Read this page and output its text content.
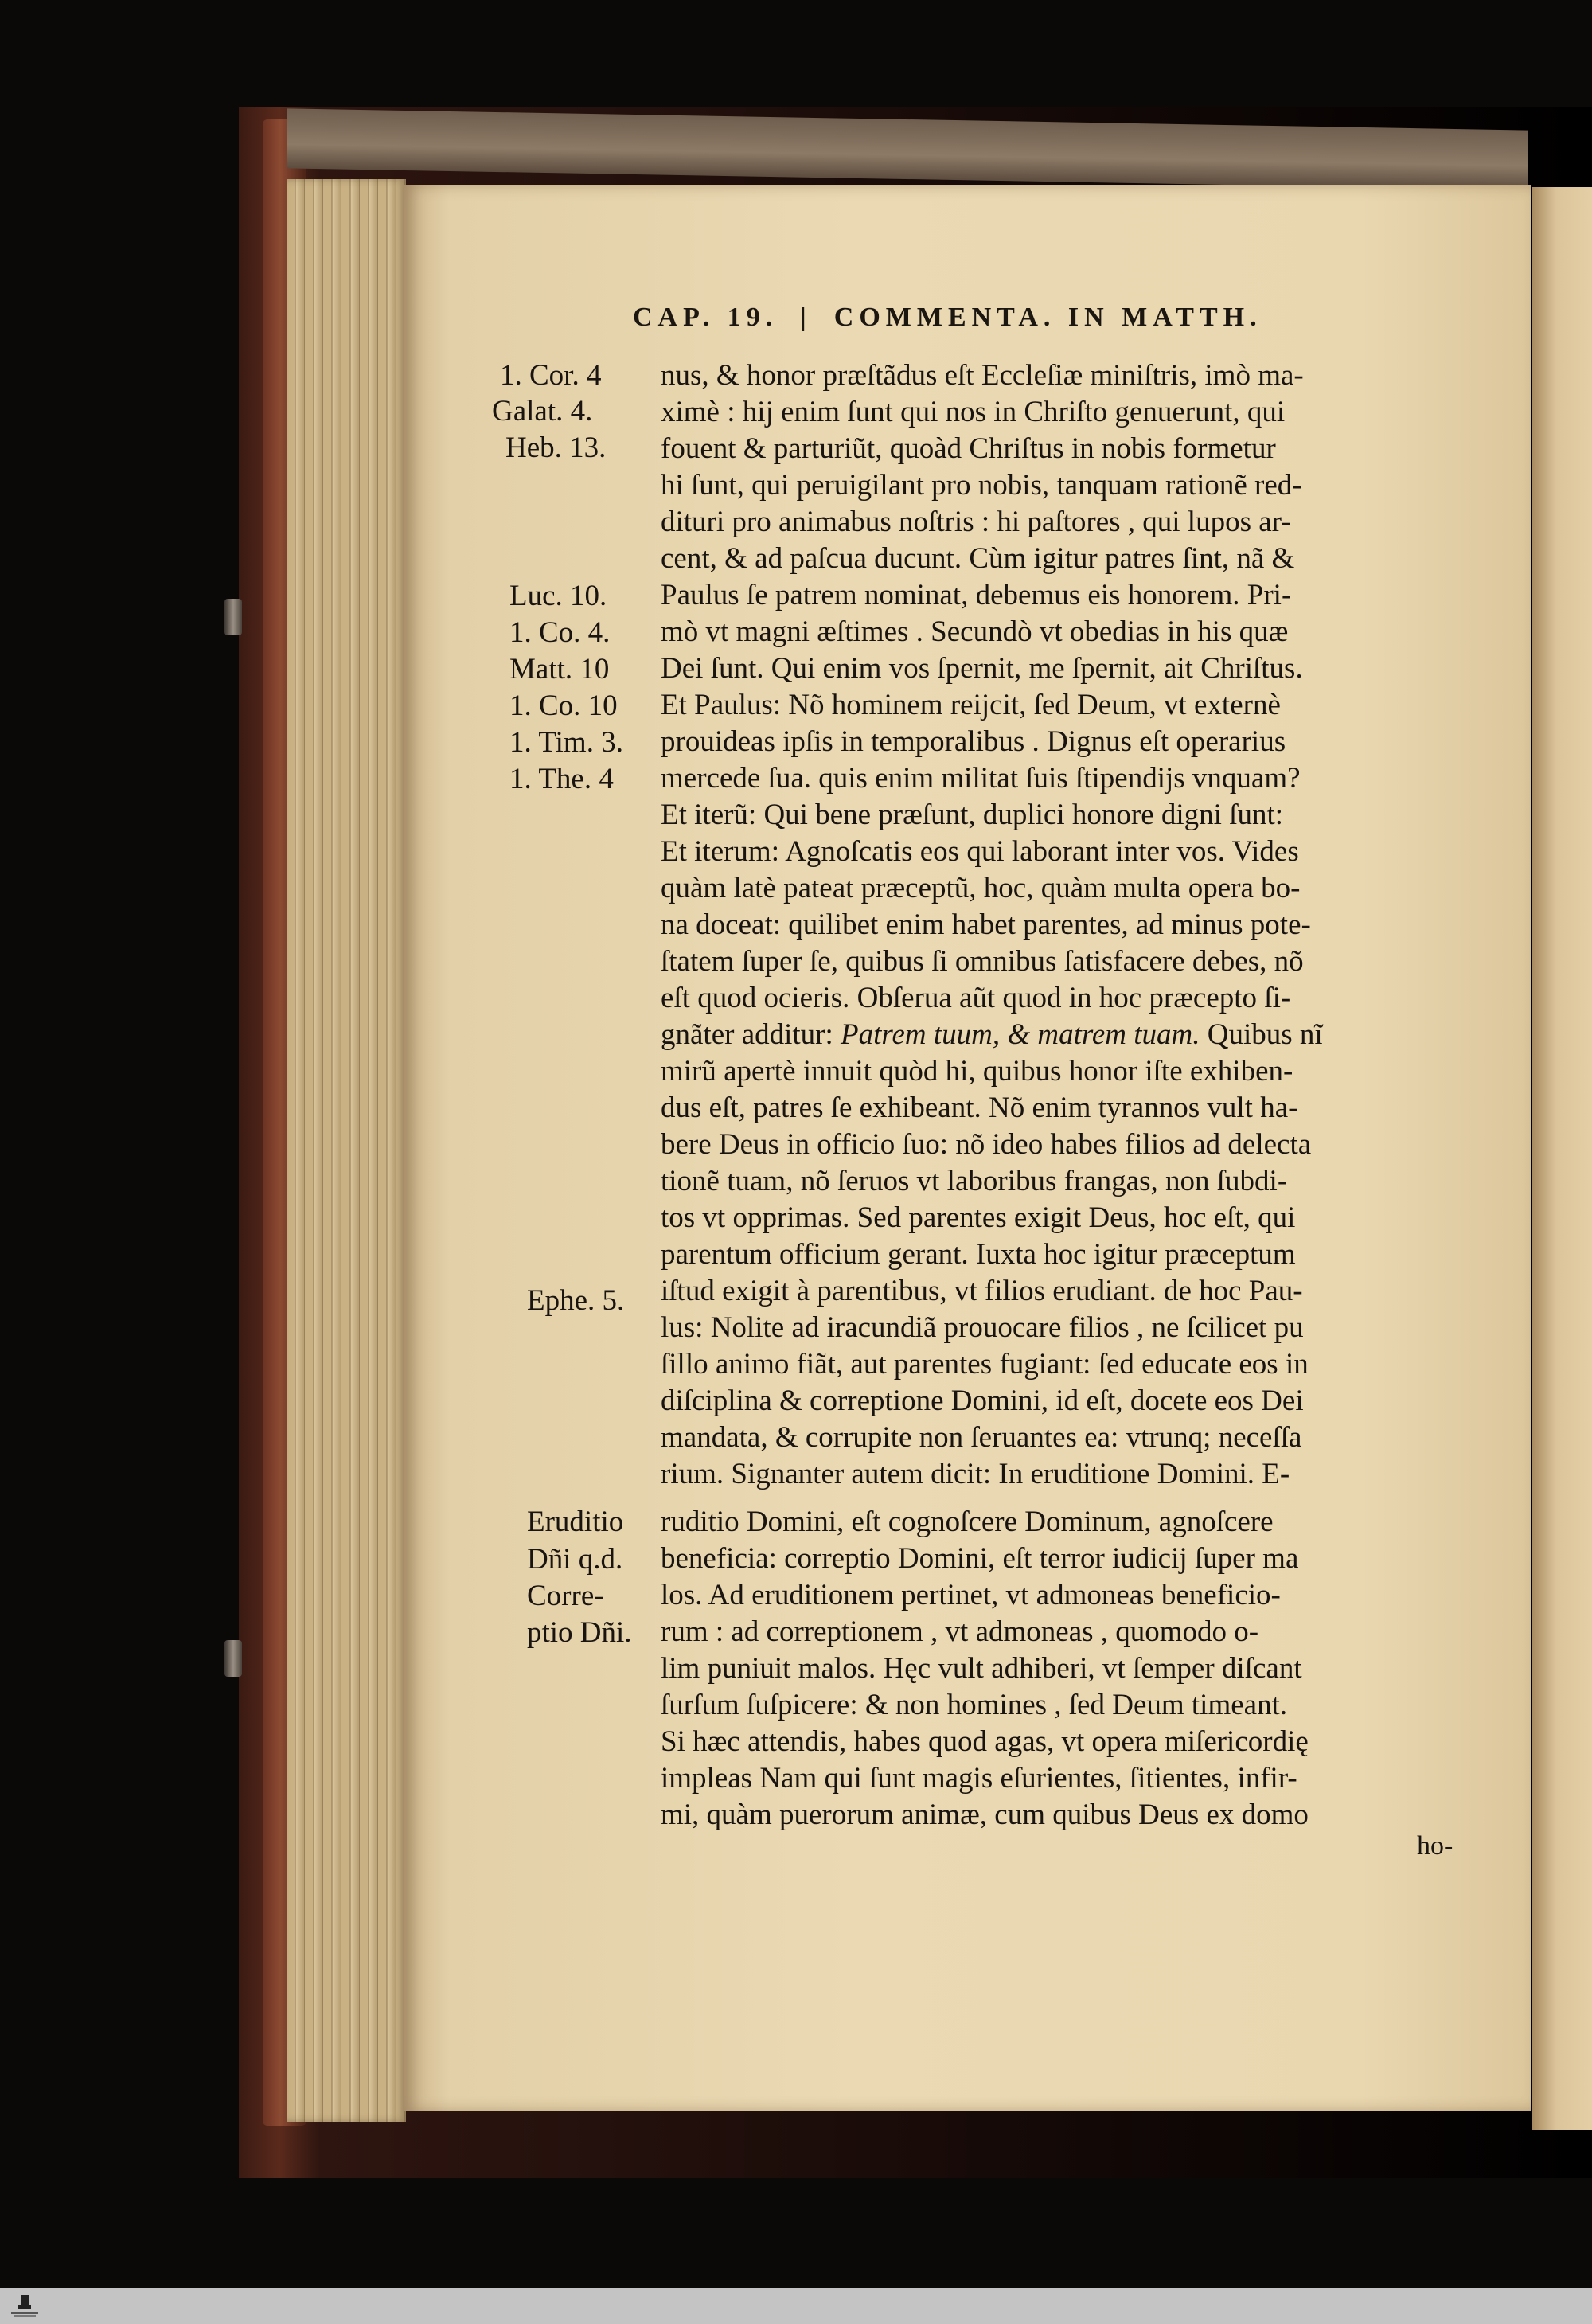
CAP. 19. | COMMENTA. IN MATTH.
1. Cor. 4
Galat. 4.
Heb. 13.
Luc. 10.
1. Co. 4.
Matt. 10
1. Co. 10
1. Tim. 3.
1. The. 4
Ephe. 5.
Eruditio
Dñi q.d.
Corre-
ptio Dñi.
nus, & honor præſtãdus eſt Eccleſiæ miniſtris, imò ma-
ximè : hij enim ſunt qui nos in Chriſto genuerunt, qui
fouent & parturiũt, quoàd Chriſtus in nobis formetur
hi ſunt, qui peruigilant pro nobis, tanquam rationẽ red-
dituri pro animabus noſtris : hi paſtores , qui lupos ar-
cent, & ad paſcua ducunt. Cùm igitur patres ſint, nã &
Paulus ſe patrem nominat, debemus eis honorem. Pri-
mò vt magni æſtimes . Secundò vt obedias in his quæ
Dei ſunt. Qui enim vos ſpernit, me ſpernit, ait Chriſtus.
Et Paulus: Nõ hominem reijcit, ſed Deum, vt externè
prouideas ipſis in temporalibus . Dignus eſt operarius
mercede ſua. quis enim militat ſuis ſtipendijs vnquam?
Et iterũ: Qui bene præſunt, duplici honore digni ſunt:
Et iterum: Agnoſcatis eos qui laborant inter vos. Vides
quàm latè pateat præceptũ, hoc, quàm multa opera bo-
na doceat: quilibet enim habet parentes, ad minus pote-
ſtatem ſuper ſe, quibus ſi omnibus ſatisfacere debes, nõ
eſt quod ocieris. Obſerua aũt quod in hoc præcepto ſi-
gnãter additur: Patrem tuum, & matrem tuam. Quibus nĩ
mirũ apertè innuit quòd hi, quibus honor iſte exhiben-
dus eſt, patres ſe exhibeant. Nõ enim tyrannos vult ha-
bere Deus in officio ſuo: nõ ideo habes filios ad delecta
tionẽ tuam, nõ ſeruos vt laboribus frangas, non ſubdi-
tos vt opprimas. Sed parentes exigit Deus, hoc eſt, qui
parentum officium gerant. Iuxta hoc igitur præceptum
iſtud exigit à parentibus, vt filios erudiant. de hoc Pau-
lus: Nolite ad iracundiã prouocare filios , ne ſcilicet pu
ſillo animo fiãt, aut parentes fugiant: ſed educate eos in
diſciplina & correptione Domini, id eſt, docete eos Dei
mandata, & corrupite non ſeruantes ea: vtrunq; neceſſa
rium. Signanter autem dicit: In eruditione Domini. E-
ruditio Domini, eſt cognoſcere Dominum, agnoſcere
beneficia: correptio Domini, eſt terror iudicij ſuper ma
los. Ad eruditionem pertinet, vt admoneas beneficio-
rum : ad correptionem , vt admoneas , quomodo o-
lim puniuit malos. Hęc vult adhiberi, vt ſemper diſcant
ſurſum ſuſpicere: & non homines , ſed Deum timeant.
Si hæc attendis, habes quod agas, vt opera miſericordię
impleas Nam qui ſunt magis eſurientes, ſitientes, infir-
mi, quàm puerorum animæ, cum quibus Deus ex domo
ho-
